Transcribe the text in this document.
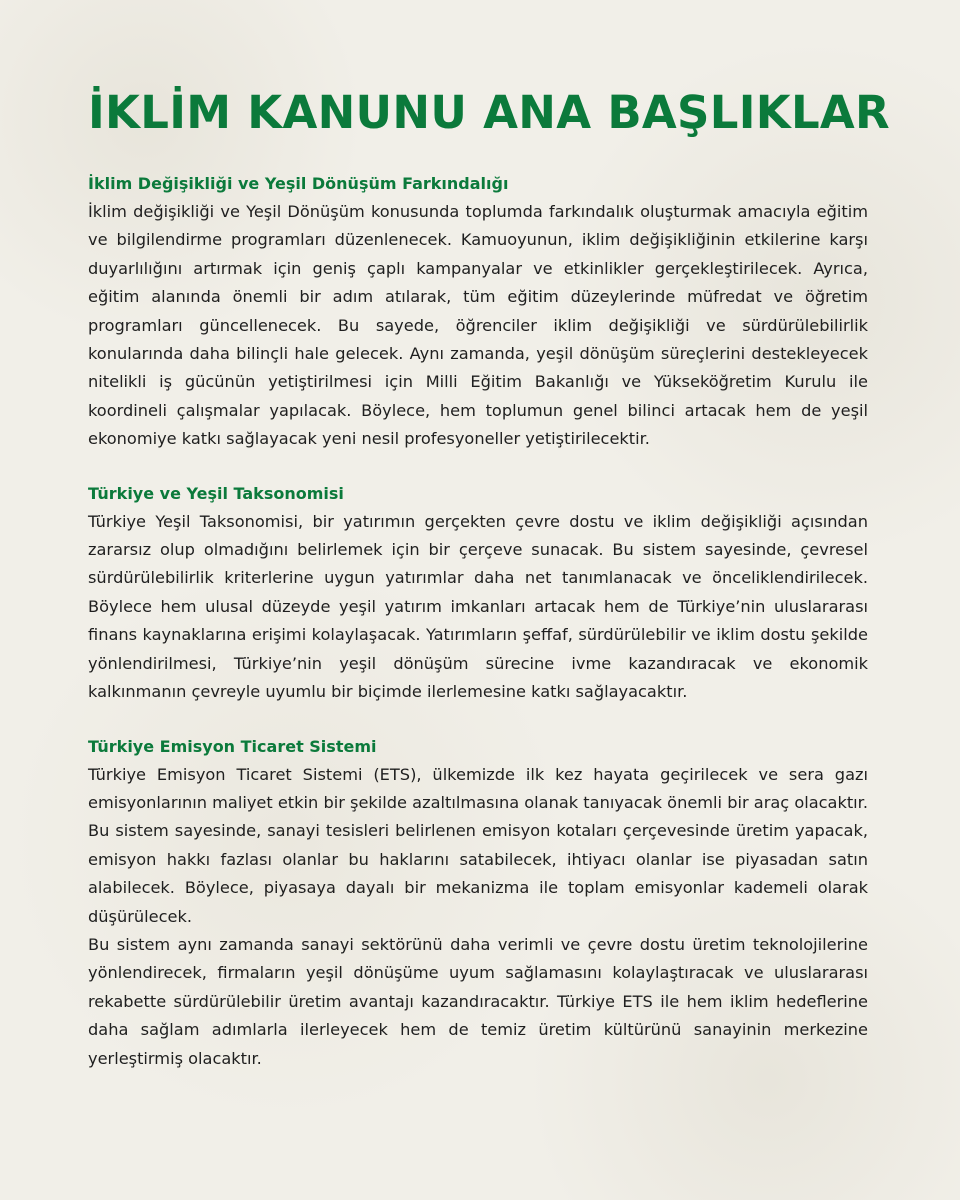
İKLİM KANUNU ANA BAŞLIKLAR
İklim Değişikliği ve Yeşil Dönüşüm Farkındalığı

İklim değişikliği ve Yeşil Dönüşüm konusunda toplumda farkındalık oluşturmak amacıyla eğitim ve bilgilendirme programları düzenlenecek. Kamuoyunun, iklim değişikliğinin etkilerine karşı duyarlılığını artırmak için geniş çaplı kampanyalar ve etkinlikler gerçekleştirilecek. Ayrıca, eğitim alanında önemli bir adım atılarak, tüm eğitim düzeylerinde müfredat ve öğretim programları güncellenecek. Bu sayede, öğrenciler iklim değişikliği ve sürdürülebilirlik konularında daha bilinçli hale gelecek. Aynı zamanda, yeşil dönüşüm süreçlerini destekleyecek nitelikli iş gücünün yetiştirilmesi için Milli Eğitim Bakanlığı ve Yükseköğretim Kurulu ile koordineli çalışmalar yapılacak. Böylece, hem toplumun genel bilinci artacak hem de yeşil ekonomiye katkı sağlayacak yeni nesil profesyoneller yetiştirilecektir.

Türkiye ve Yeşil Taksonomisi

Türkiye Yeşil Taksonomisi, bir yatırımın gerçekten çevre dostu ve iklim değişikliği açısından zararsız olup olmadığını belirlemek için bir çerçeve sunacak. Bu sistem sayesinde, çevresel sürdürülebilirlik kriterlerine uygun yatırımlar daha net tanımlanacak ve önceliklendirilecek. Böylece hem ulusal düzeyde yeşil yatırım imkanları artacak hem de Türkiye’nin uluslararası finans kaynaklarına erişimi kolaylaşacak. Yatırımların şeffaf, sürdürülebilir ve iklim dostu şekilde yönlendirilmesi, Türkiye’nin yeşil dönüşüm sürecine ivme kazandıracak ve ekonomik kalkınmanın çevreyle uyumlu bir biçimde ilerlemesine katkı sağlayacaktır.

Türkiye Emisyon Ticaret Sistemi

Türkiye Emisyon Ticaret Sistemi (ETS), ülkemizde ilk kez hayata geçirilecek ve sera gazı emisyonlarının maliyet etkin bir şekilde azaltılmasına olanak tanıyacak önemli bir araç olacaktır. Bu sistem sayesinde, sanayi tesisleri belirlenen emisyon kotaları çerçevesinde üretim yapacak, emisyon hakkı fazlası olanlar bu haklarını satabilecek, ihtiyacı olanlar ise piyasadan satın alabilecek. Böylece, piyasaya dayalı bir mekanizma ile toplam emisyonlar kademeli olarak düşürülecek.

Bu sistem aynı zamanda sanayi sektörünü daha verimli ve çevre dostu üretim teknolojilerine yönlendirecek, firmaların yeşil dönüşüme uyum sağlamasını kolaylaştıracak ve uluslararası rekabette sürdürülebilir üretim avantajı kazandıracaktır. Türkiye ETS ile hem iklim hedeflerine daha sağlam adımlarla ilerleyecek hem de temiz üretim kültürünü sanayinin merkezine yerleştirmiş olacaktır.
